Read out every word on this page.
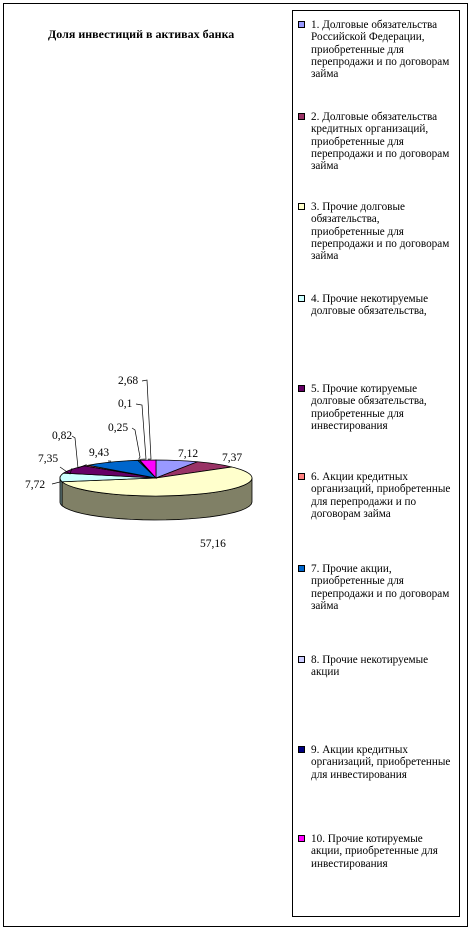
Доля инвестиций в активах банка
7,12 7,37
57,16
7,72
7,35
0,82
9,43
0,25
0,1
2,68
1. Долговые обязательства Российской Федерации, приобретенные для перепродажи и по договорам займа
2. Долговые обязательства кредитных организаций, приобретенные для перепродажи и по договорам займа
3. Прочие долговые обязательства, приобретенные для перепродажи и по договорам займа
4. Прочие некотируемые долговые обязательства,
5. Прочие котируемые долговые обязательства, приобретенные для инвестирования
6. Акции кредитных организаций, приобретенные для перепродажи и по договорам займа
7. Прочие акции, приобретенные для перепродажи и по договорам займа
8. Прочие некотируемые акции
9. Акции кредитных организаций, приобретенные для инвестирования
10. Прочие котируемые акции, приобретенные для инвестирования
